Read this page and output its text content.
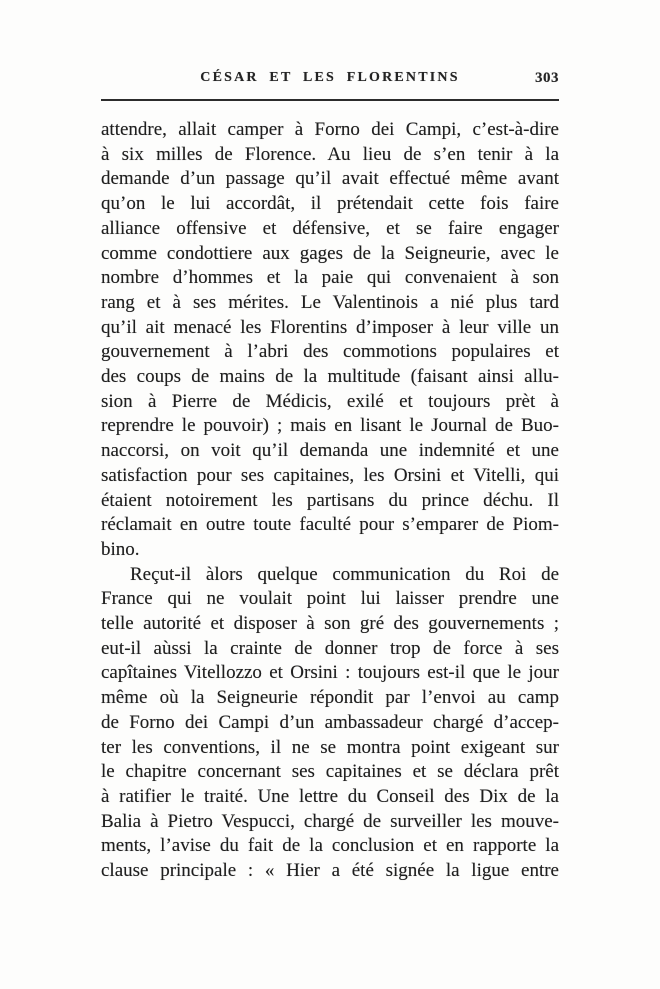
CÉSAR ET LES FLORENTINS	303
attendre, allait camper à Forno dei Campi, c’est-à-dire
à six milles de Florence. Au lieu de s’en tenir à la
demande d’un passage qu’il avait effectué même avant
qu’on le lui accordât, il prétendait cette fois faire
alliance offensive et défensive, et se faire engager
comme condottiere aux gages de la Seigneurie, avec le
nombre d’hommes et la paie qui convenaient à son
rang et à ses mérites. Le Valentinois a nié plus tard
qu’il ait menacé les Florentins d’imposer à leur ville un
gouvernement à l’abri des commotions populaires et
des coups de mains de la multitude (faisant ainsi allu-
sion à Pierre de Médicis, exilé et toujours prèt à
reprendre le pouvoir) ; mais en lisant le Journal de Buo-
naccorsi, on voit qu’il demanda une indemnité et une
satisfaction pour ses capitaines, les Orsini et Vitelli, qui
étaient notoirement les partisans du prince déchu. Il
réclamait en outre toute faculté pour s’emparer de Piom-
bino.
Reçut-il àlors quelque communication du Roi de
France qui ne voulait point lui laisser prendre une
telle autorité et disposer à son gré des gouvernements ;
eut-il aùssi la crainte de donner trop de force à ses
capîtaines Vitellozzo et Orsini : toujours est-il que le jour
même où la Seigneurie répondit par l’envoi au camp
de Forno dei Campi d’un ambassadeur chargé d’accep-
ter les conventions, il ne se montra point exigeant sur
le chapitre concernant ses capitaines et se déclara prêt
à ratifier le traité. Une lettre du Conseil des Dix de la
Balia à Pietro Vespucci, chargé de surveiller les mouve-
ments, l’avise du fait de la conclusion et en rapporte la
clause principale : « Hier a été signée la ligue entre
